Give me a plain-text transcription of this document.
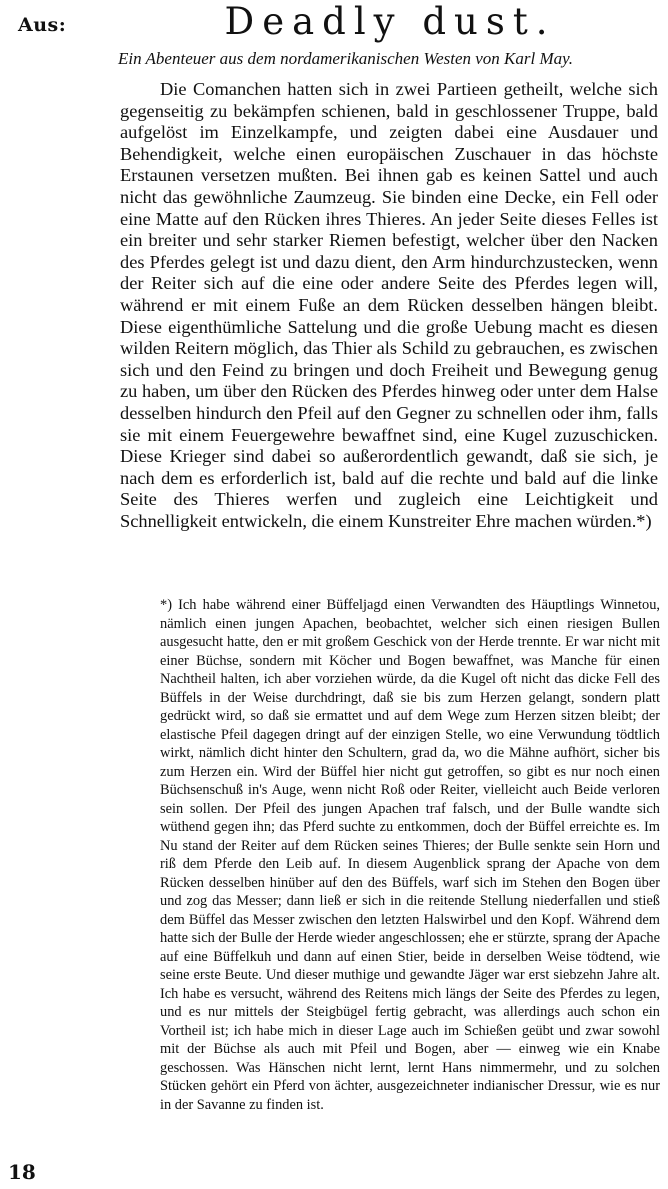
Aus:	Deadly dust.
Ein Abenteuer aus dem nordamerikanischen Westen von Karl May.

Die Comanchen hatten sich in zwei Partieen getheilt, welche sich gegenseitig zu bekämpfen schienen, bald in geschlossener Truppe, bald aufgelöst im Einzelkampfe, und zeigten dabei eine Ausdauer und Behendigkeit, welche einen europäischen Zuschauer in das höchste Erstaunen versetzen mußten. Bei ihnen gab es keinen Sattel und auch nicht das gewöhnliche Zaumzeug. Sie binden eine Decke, ein Fell oder eine Matte auf den Rücken ihres Thieres. An jeder Seite dieses Felles ist ein breiter und sehr starker Riemen befestigt, welcher über den Nacken des Pferdes gelegt ist und dazu dient, den Arm hindurchzustecken, wenn der Reiter sich auf die eine oder andere Seite des Pferdes legen will, während er mit einem Fuße an dem Rücken desselben hängen bleibt. Diese eigenthümliche Sattelung und die große Uebung macht es diesen wilden Reitern möglich, das Thier als Schild zu gebrauchen, es zwischen sich und den Feind zu bringen und doch Freiheit und Bewegung genug zu haben, um über den Rücken des Pferdes hinweg oder unter dem Halse desselben hindurch den Pfeil auf den Gegner zu schnellen oder ihm, falls sie mit einem Feuergewehre bewaffnet sind, eine Kugel zuzuschicken. Diese Krieger sind dabei so außerordentlich gewandt, daß sie sich, je nach dem es erforderlich ist, bald auf die rechte und bald auf die linke Seite des Thieres werfen und zugleich eine Leichtigkeit und Schnelligkeit entwickeln, die einem Kunstreiter Ehre machen würden.*)

*) Ich habe während einer Büffeljagd einen Verwandten des Häuptlings Winnetou, nämlich einen jungen Apachen, beobachtet, welcher sich einen riesigen Bullen ausgesucht hatte, den er mit großem Geschick von der Herde trennte. Er war nicht mit einer Büchse, sondern mit Köcher und Bogen bewaffnet, was Manche für einen Nachtheil halten, ich aber vorziehen würde, da die Kugel oft nicht das dicke Fell des Büffels in der Weise durchdringt, daß sie bis zum Herzen gelangt, sondern platt gedrückt wird, so daß sie ermattet und auf dem Wege zum Herzen sitzen bleibt; der elastische Pfeil dagegen dringt auf der einzigen Stelle, wo eine Verwundung tödtlich wirkt, nämlich dicht hinter den Schultern, grad da, wo die Mähne aufhört, sicher bis zum Herzen ein. Wird der Büffel hier nicht gut getroffen, so gibt es nur noch einen Büchsenschuß in's Auge, wenn nicht Roß oder Reiter, vielleicht auch Beide verloren sein sollen. Der Pfeil des jungen Apachen traf falsch, und der Bulle wandte sich wüthend gegen ihn; das Pferd suchte zu entkommen, doch der Büffel erreichte es. Im Nu stand der Reiter auf dem Rücken seines Thieres; der Bulle senkte sein Horn und riß dem Pferde den Leib auf. In diesem Augenblick sprang der Apache von dem Rücken desselben hinüber auf den des Büffels, warf sich im Stehen den Bogen über und zog das Messer; dann ließ er sich in die reitende Stellung niederfallen und stieß dem Büffel das Messer zwischen den letzten Halswirbel und den Kopf. Während dem hatte sich der Bulle der Herde wieder angeschlossen; ehe er stürzte, sprang der Apache auf eine Büffelkuh und dann auf einen Stier, beide in derselben Weise tödtend, wie seine erste Beute. Und dieser muthige und gewandte Jäger war erst siebzehn Jahre alt. Ich habe es versucht, während des Reitens mich längs der Seite des Pferdes zu legen, und es nur mittels der Steigbügel fertig gebracht, was allerdings auch schon ein Vortheil ist; ich habe mich in dieser Lage auch im Schießen geübt und zwar sowohl mit der Büchse als auch mit Pfeil und Bogen, aber — einweg wie ein Knabe geschossen. Was Hänschen nicht lernt, lernt Hans nimmermehr, und zu solchen Stücken gehört ein Pferd von ächter, ausgezeichneter indianischer Dressur, wie es nur in der Savanne zu finden ist.

18
